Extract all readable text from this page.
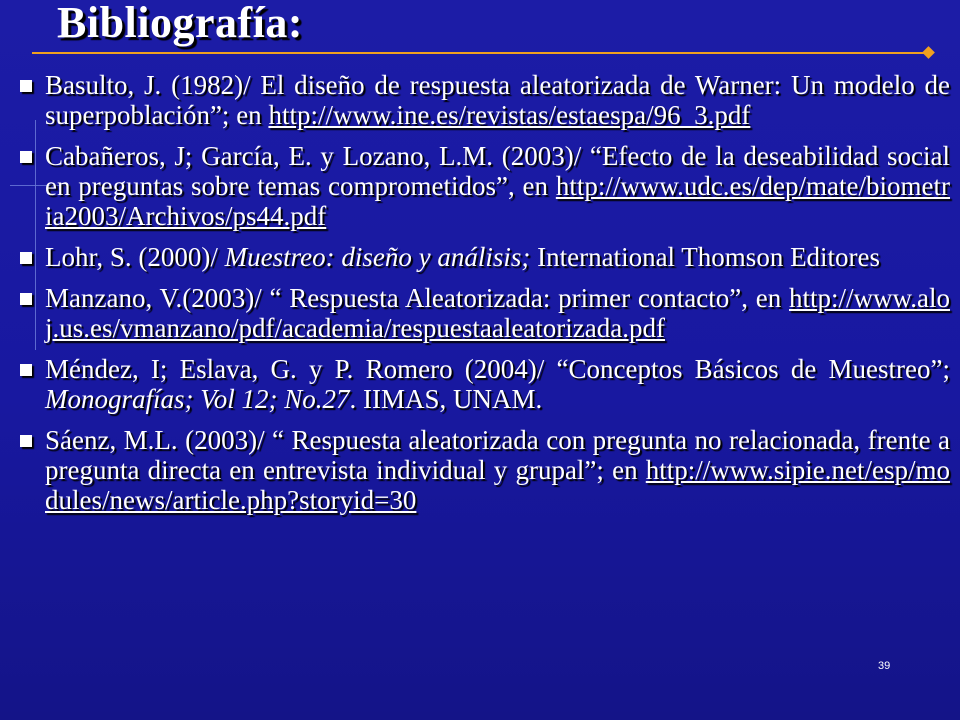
Bibliografía:
Basulto, J. (1982)/ El diseño de respuesta aleatorizada de Warner: Un modelo de superpoblación”; en http://www.ine.es/revistas/estaespa/96_3.pdf
Cabañeros, J; García, E. y Lozano, L.M. (2003)/ “Efecto de la deseabilidad social en preguntas sobre temas comprometidos”, en http://www.udc.es/dep/mate/biometria2003/Archivos/ps44.pdf
Lohr, S. (2000)/ Muestreo: diseño y análisis; International Thomson Editores
Manzano, V.(2003)/ “ Respuesta Aleatorizada: primer contacto”, en http://www.aloj.us.es/vmanzano/pdf/academia/respuestaaleatorizada.pdf
Méndez, I; Eslava, G. y P. Romero (2004)/ “Conceptos Básicos de Muestreo”; Monografías; Vol 12; No.27. IIMAS, UNAM.
Sáenz, M.L. (2003)/ “ Respuesta aleatorizada con pregunta no relacionada, frente a pregunta directa en entrevista individual y grupal”; en http://www.sipie.net/esp/modules/news/article.php?storyid=30
39
